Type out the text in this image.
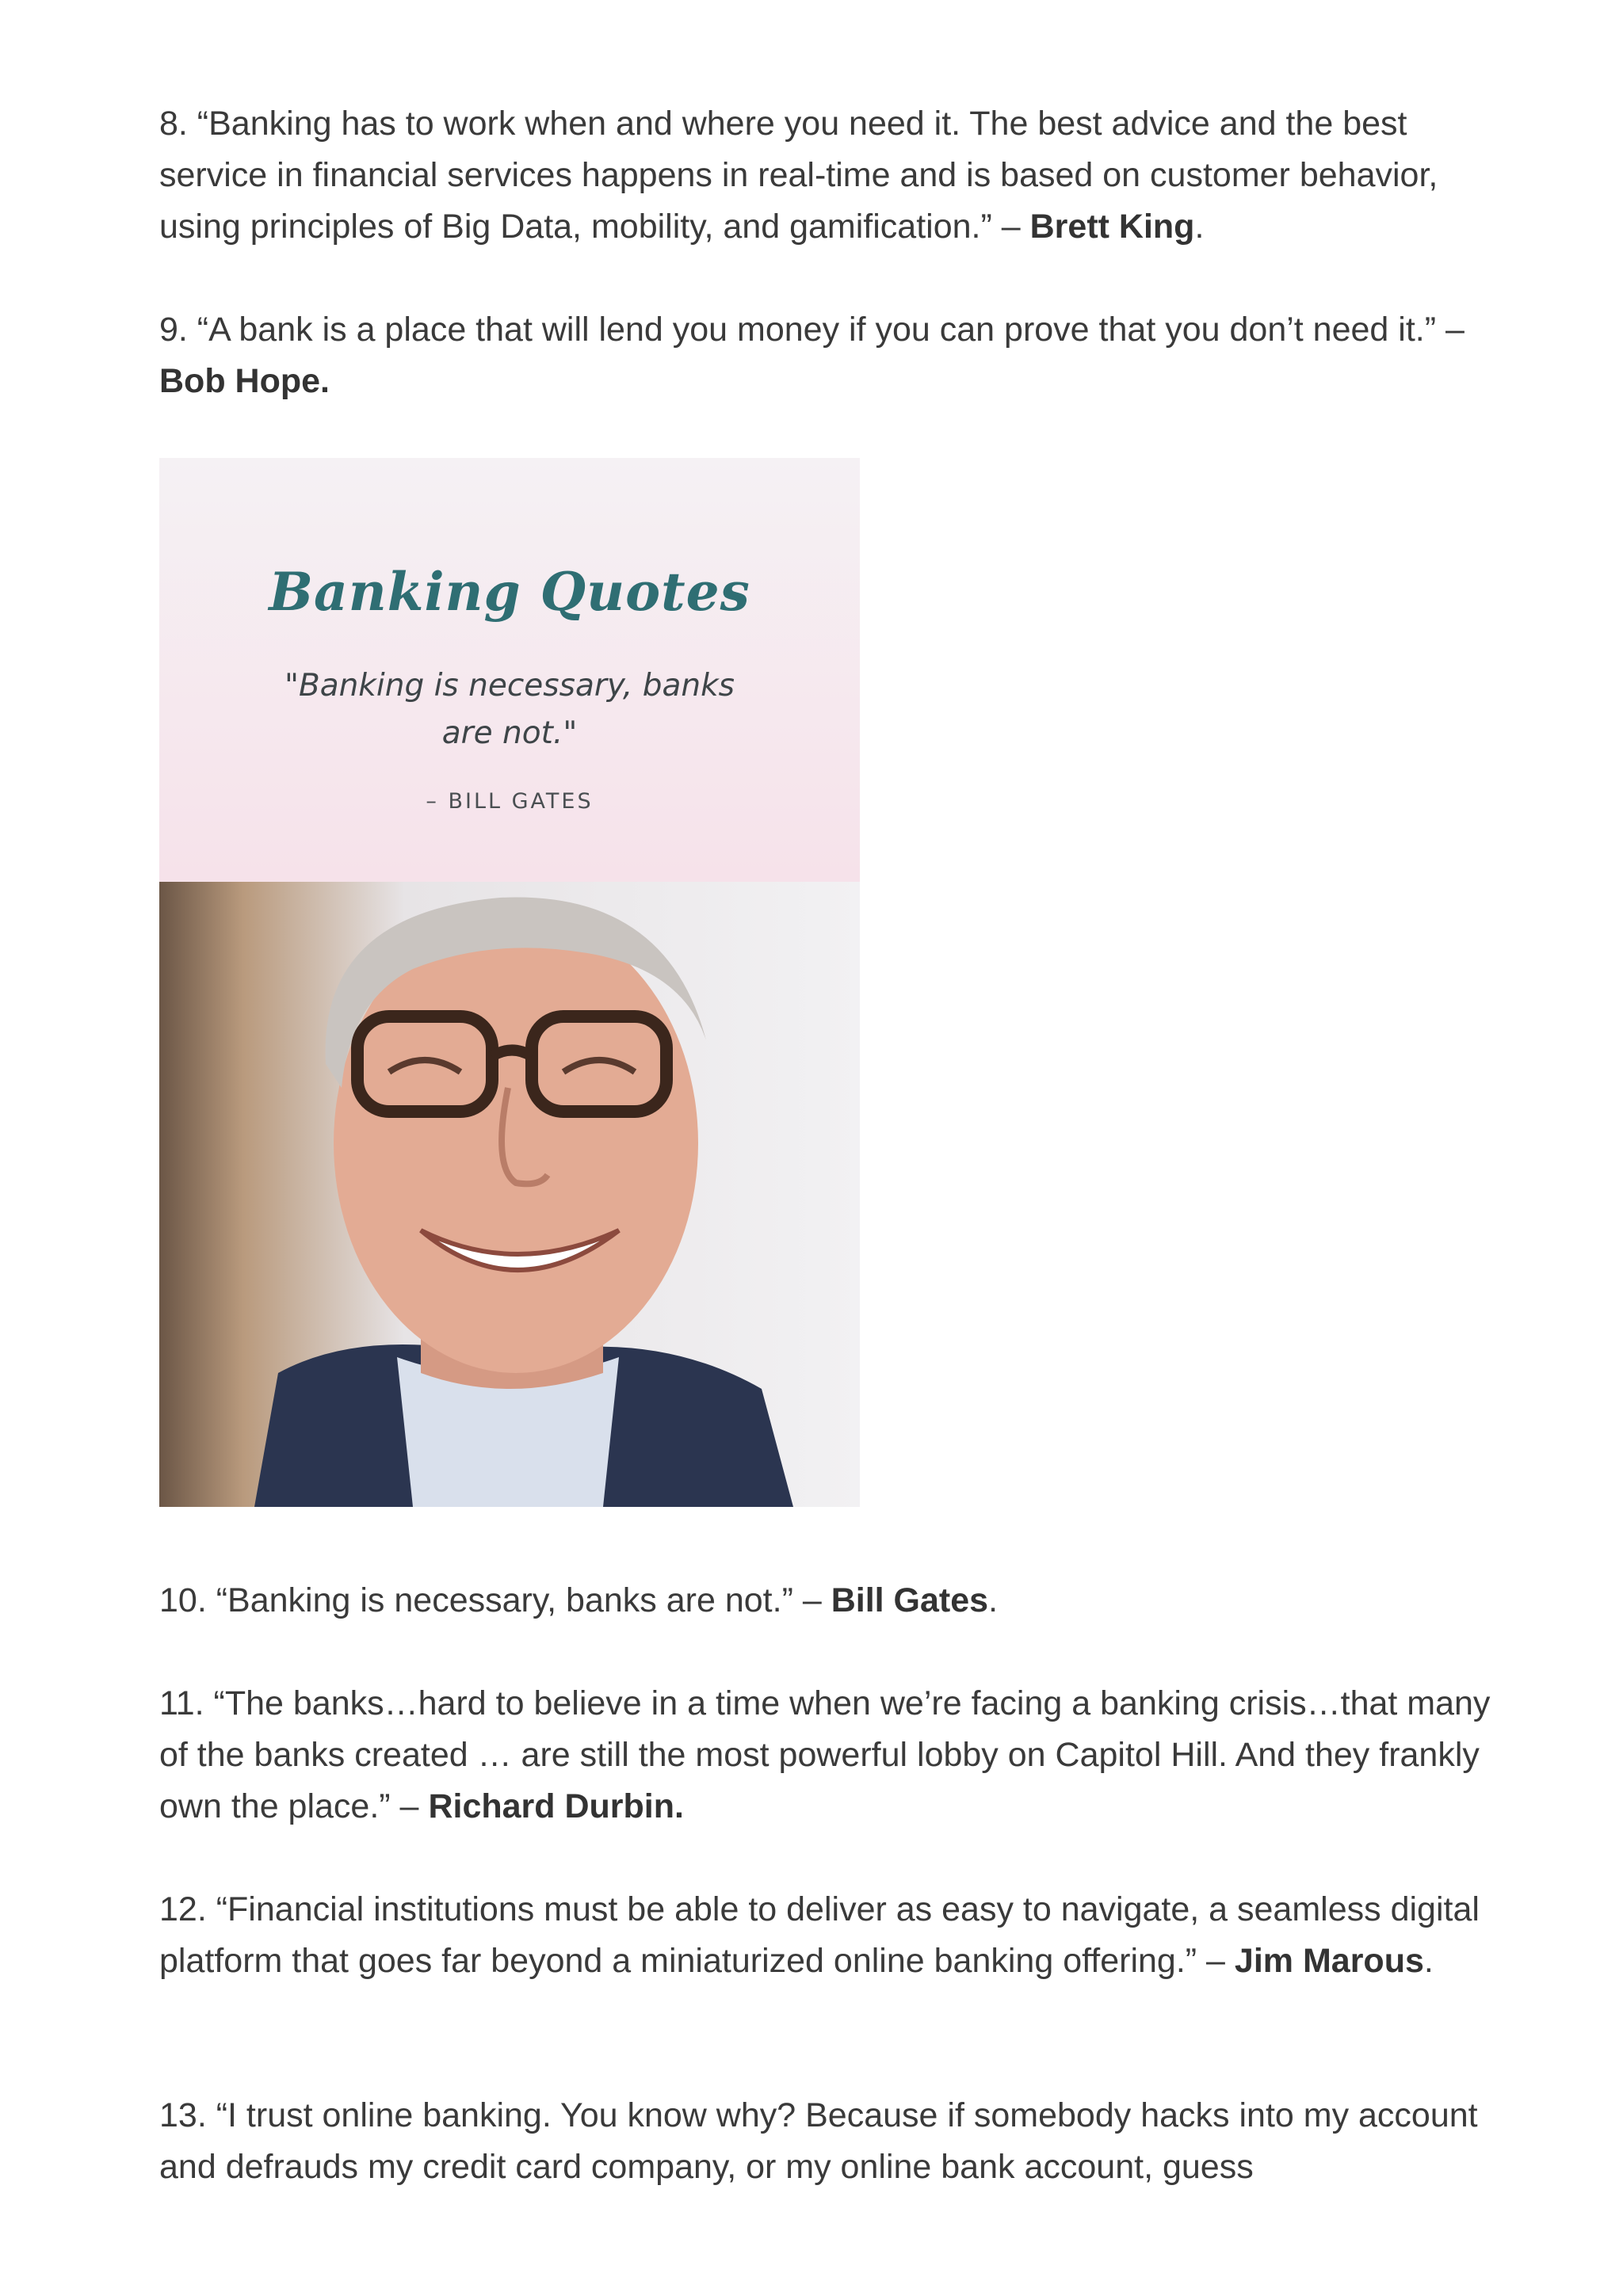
8. “Banking has to work when and where you need it. The best advice and the best service in financial services happens in real-time and is based on customer behavior, using principles of Big Data, mobility, and gamification.” – Brett King.

9. “A bank is a place that will lend you money if you can prove that you don’t need it.” – Bob Hope.

Banking Quotes
"Banking is necessary, banks are not."
– BILL GATES

10. “Banking is necessary, banks are not.” – Bill Gates.

11. “The banks…hard to believe in a time when we’re facing a banking crisis…that many of the banks created … are still the most powerful lobby on Capitol Hill. And they frankly own the place.” – Richard Durbin.

12. “Financial institutions must be able to deliver as easy to navigate, a seamless digital platform that goes far beyond a miniaturized online banking offering.” – Jim Marous.

13. “I trust online banking. You know why? Because if somebody hacks into my account and defrauds my credit card company, or my online bank account, guess
